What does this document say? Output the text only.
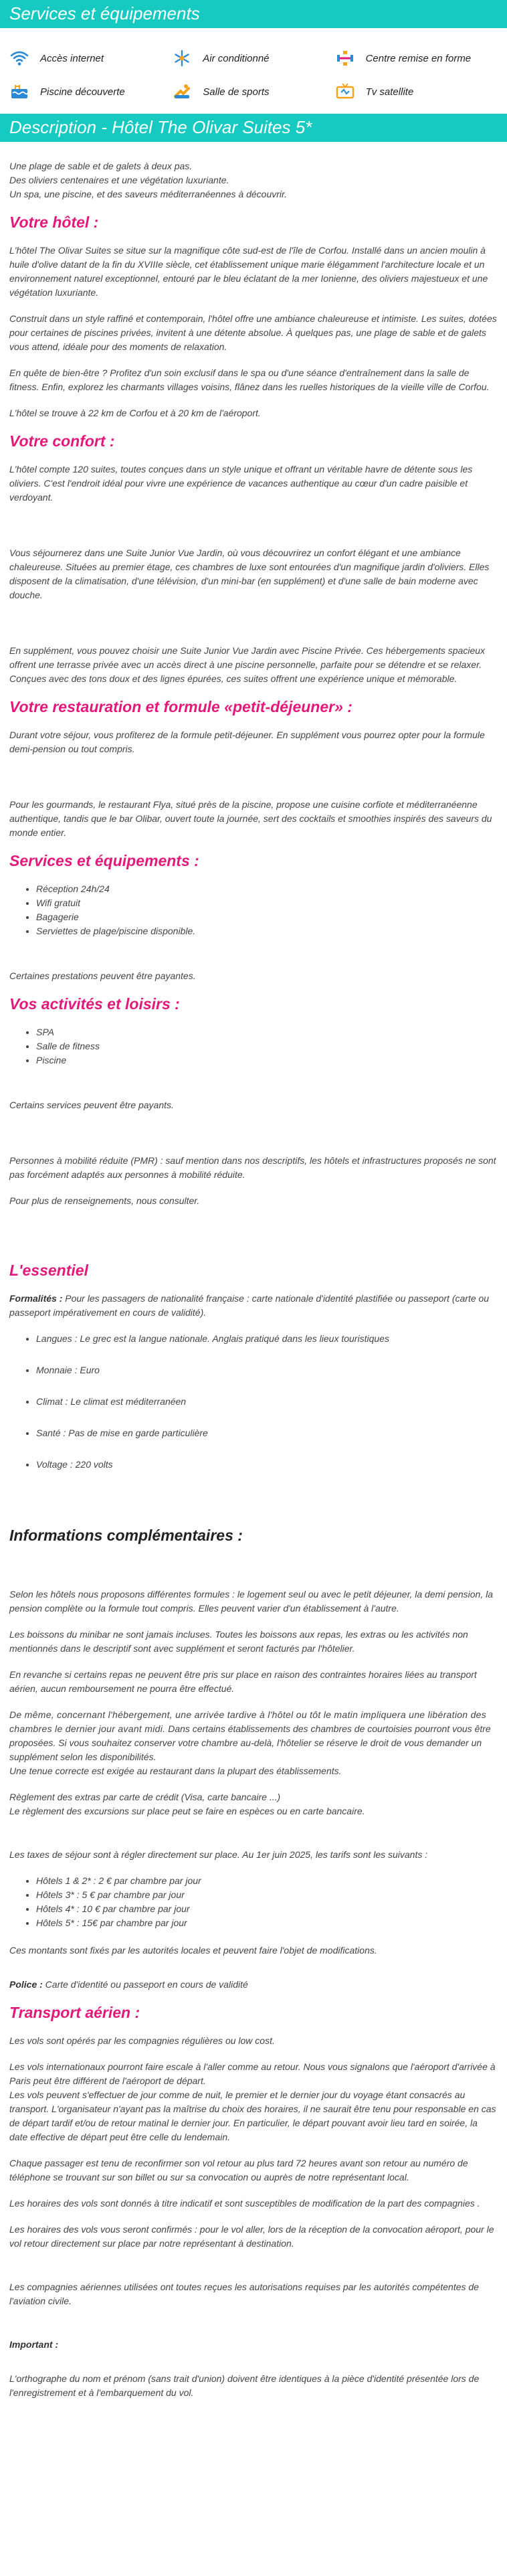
Services et équipements
Accès internet	Air conditionné	Centre remise en forme
Piscine découverte	Salle de sports	Tv satellite
Description - Hôtel The Olivar Suites 5*

Une plage de sable et de galets à deux pas.
Des oliviers centenaires et une végétation luxuriante.
Un spa, une piscine, et des saveurs méditerranéennes à découvrir.

Votre hôtel :

L'hôtel The Olivar Suites se situe sur la magnifique côte sud-est de l'île de Corfou. Installé dans un ancien moulin à huile d'olive datant de la fin du XVIIIe siècle, cet établissement unique marie élégamment l'architecture locale et un environnement naturel exceptionnel, entouré par le bleu éclatant de la mer Ionienne, des oliviers majestueux et une végétation luxuriante.

Construit dans un style raffiné et contemporain, l'hôtel offre une ambiance chaleureuse et intimiste. Les suites, dotées pour certaines de piscines privées, invitent à une détente absolue. À quelques pas, une plage de sable et de galets vous attend, idéale pour des moments de relaxation.

En quête de bien-être ? Profitez d'un soin exclusif dans le spa ou d'une séance d'entraînement dans la salle de fitness. Enfin, explorez les charmants villages voisins, flânez dans les ruelles historiques de la vieille ville de Corfou.

L'hôtel se trouve à 22 km de Corfou et à 20 km de l'aéroport.

Votre confort :

L'hôtel compte 120 suites, toutes conçues dans un style unique et offrant un véritable havre de détente sous les oliviers. C'est l'endroit idéal pour vivre une expérience de vacances authentique au cœur d'un cadre paisible et verdoyant.

Vous séjournerez dans une Suite Junior Vue Jardin, où vous découvrirez un confort élégant et une ambiance chaleureuse. Situées au premier étage, ces chambres de luxe sont entourées d'un magnifique jardin d'oliviers. Elles disposent de la climatisation, d'une télévision, d'un mini-bar (en supplément) et d'une salle de bain moderne avec douche.

En supplément, vous pouvez choisir une Suite Junior Vue Jardin avec Piscine Privée. Ces hébergements spacieux offrent une terrasse privée avec un accès direct à une piscine personnelle, parfaite pour se détendre et se relaxer. Conçues avec des tons doux et des lignes épurées, ces suites offrent une expérience unique et mémorable.

Votre restauration et formule «petit-déjeuner» :

Durant votre séjour, vous profiterez de la formule petit-déjeuner. En supplément vous pourrez opter pour la formule demi-pension ou tout compris.

Pour les gourmands, le restaurant Flya, situé près de la piscine, propose une cuisine corfiote et méditerranéenne authentique, tandis que le bar Olibar, ouvert toute la journée, sert des cocktails et smoothies inspirés des saveurs du monde entier.

Services et équipements :
• Réception 24h/24
• Wifi gratuit
• Bagagerie
• Serviettes de plage/piscine disponible.

Certaines prestations peuvent être payantes.

Vos activités et loisirs :
• SPA
• Salle de fitness
• Piscine

Certains services peuvent être payants.

Personnes à mobilité réduite (PMR) : sauf mention dans nos descriptifs, les hôtels et infrastructures proposés ne sont pas forcément adaptés aux personnes à mobilité réduite.

Pour plus de renseignements, nous consulter.

L'essentiel

Formalités : Pour les passagers de nationalité française : carte nationale d'identité plastifiée ou passeport (carte ou passeport impérativement en cours de validité).

• Langues : Le grec est la langue nationale. Anglais pratiqué dans les lieux touristiques
• Monnaie : Euro
• Climat : Le climat est méditerranéen
• Santé : Pas de mise en garde particulière
• Voltage : 220 volts
Informations complémentaires :

Selon les hôtels nous proposons différentes formules : le logement seul ou avec le petit déjeuner, la demi pension, la pension complète ou la formule tout compris. Elles peuvent varier d'un établissement à l'autre.

Les boissons du minibar ne sont jamais incluses. Toutes les boissons aux repas, les extras ou les activités non mentionnés dans le descriptif sont avec supplément et seront facturés par l'hôtelier.

En revanche si certains repas ne peuvent être pris sur place en raison des contraintes horaires liées au transport aérien, aucun remboursement ne pourra être effectué.

De même, concernant l'hébergement, une arrivée tardive à l'hôtel ou tôt le matin impliquera une libération des chambres le dernier jour avant midi. Dans certains établissements des chambres de courtoisies pourront vous être proposées. Si vous souhaitez conserver votre chambre au-delà, l'hôtelier se réserve le droit de vous demander un supplément selon les disponibilités.
Une tenue correcte est exigée au restaurant dans la plupart des établissements.

Règlement des extras par carte de crédit (Visa, carte bancaire ...)
Le règlement des excursions sur place peut se faire en espèces ou en carte bancaire.

Les taxes de séjour sont à régler directement sur place. Au 1er juin 2025, les tarifs sont les suivants :

• Hôtels 1 & 2* : 2 € par chambre par jour
• Hôtels 3* : 5 € par chambre par jour
• Hôtels 4* : 10 € par chambre par jour
• Hôtels 5* : 15€ par chambre par jour

Ces montants sont fixés par les autorités locales et peuvent faire l'objet de modifications.

Police : Carte d'identité ou passeport en cours de validité

Transport aérien :

Les vols sont opérés par les compagnies régulières ou low cost.

Les vols internationaux pourront faire escale à l'aller comme au retour. Nous vous signalons que l'aéroport d'arrivée à Paris peut être différent de l'aéroport de départ.
Les vols peuvent s'effectuer de jour comme de nuit, le premier et le dernier jour du voyage étant consacrés au transport. L'organisateur n'ayant pas la maîtrise du choix des horaires, il ne saurait être tenu pour responsable en cas de départ tardif et/ou de retour matinal le dernier jour. En particulier, le départ pouvant avoir lieu tard en soirée, la date effective de départ peut être celle du lendemain.

Chaque passager est tenu de reconfirmer son vol retour au plus tard 72 heures avant son retour au numéro de téléphone se trouvant sur son billet ou sur sa convocation ou auprès de notre représentant local.

Les horaires des vols sont donnés à titre indicatif et sont susceptibles de modification de la part des compagnies .

Les horaires des vols vous seront confirmés : pour le vol aller, lors de la réception de la convocation aéroport, pour le vol retour directement sur place par notre représentant à destination.

Les compagnies aériennes utilisées ont toutes reçues les autorisations requises par les autorités compétentes de l'aviation civile.

Important :

L'orthographe du nom et prénom (sans trait d'union) doivent être identiques à la pièce d'identité présentée lors de l'enregistrement et à l'embarquement du vol.
